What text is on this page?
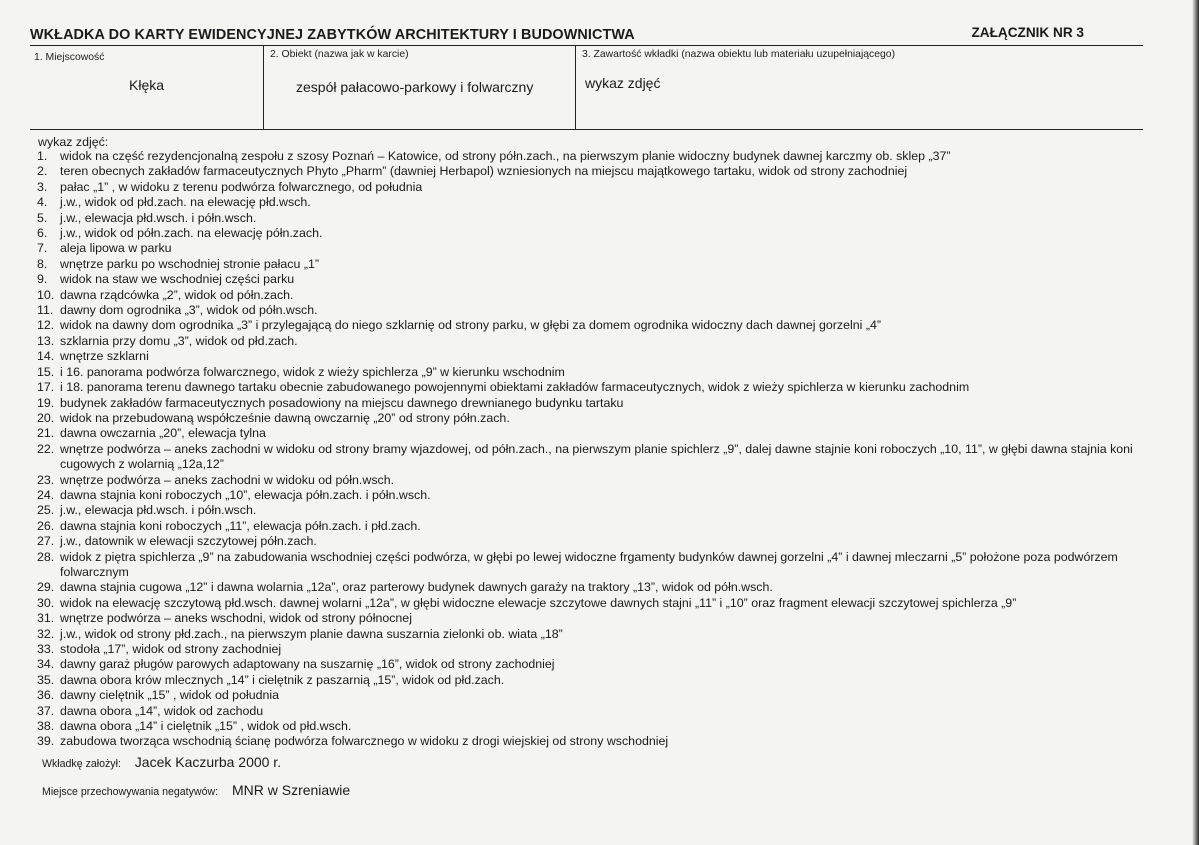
WKŁADKA DO KARTY EWIDENCYJNEJ ZABYTKÓW ARCHITEKTURY I BUDOWNICTWA	ZAŁĄCZNIK NR 3
1. Miejscowość
Kłęka
2. Obiekt (nazwa jak w karcie)
zespół pałacowo-parkowy i folwarczny
3. Zawartość wkładki (nazwa obiektu lub materiału uzupełniającego)
wykaz zdjęć
wykaz zdjęć:
1. widok na część rezydencjonalną zespołu z szosy Poznań – Katowice, od strony półn.zach., na pierwszym planie widoczny budynek dawnej karczmy ob. sklep „37”
2. teren obecnych zakładów farmaceutycznych Phyto „Pharm” (dawniej Herbapol) wzniesionych na miejscu majątkowego tartaku, widok od strony zachodniej
3. pałac „1” , w widoku z terenu podwórza folwarcznego, od południa
4. j.w., widok od płd.zach. na elewację płd.wsch.
5. j.w., elewacja płd.wsch. i półn.wsch.
6. j.w., widok od półn.zach. na elewację półn.zach.
7. aleja lipowa w parku
8. wnętrze parku po wschodniej stronie pałacu „1”
9. widok na staw we wschodniej części parku
10. dawna rządcówka „2”, widok od półn.zach.
11. dawny dom ogrodnika „3”, widok od półn.wsch.
12. widok na dawny dom ogrodnika „3” i przylegającą do niego szklarnię od strony parku, w głębi za domem ogrodnika widoczny dach dawnej gorzelni „4”
13. szklarnia przy domu „3”, widok od płd.zach.
14. wnętrze szklarni
15. i 16. panorama podwórza folwarcznego, widok z wieży spichlerza „9” w kierunku wschodnim
17. i 18. panorama terenu dawnego tartaku obecnie zabudowanego powojennymi obiektami zakładów farmaceutycznych, widok z wieży spichlerza w kierunku zachodnim
19. budynek zakładów farmaceutycznych posadowiony na miejscu dawnego drewnianego budynku tartaku
20. widok na przebudowaną współcześnie dawną owczarnię „20” od strony półn.zach.
21. dawna owczarnia „20”, elewacja tylna
22. wnętrze podwórza – aneks zachodni w widoku od strony bramy wjazdowej, od półn.zach., na pierwszym planie spichlerz „9”, dalej dawne stajnie koni roboczych „10, 11”, w głębi dawna stajnia koni cugowych z wolarnią „12a,12”
23. wnętrze podwórza – aneks zachodni w widoku od półn.wsch.
24. dawna stajnia koni roboczych „10”, elewacja półn.zach. i półn.wsch.
25. j.w., elewacja płd.wsch. i półn.wsch.
26. dawna stajnia koni roboczych „11”, elewacja półn.zach. i płd.zach.
27. j.w., datownik w elewacji szczytowej półn.zach.
28. widok z piętra spichlerza „9” na zabudowania wschodniej części podwórza, w głębi po lewej widoczne frgamenty budynków dawnej gorzelni „4” i dawnej mleczarni „5” położone poza podwórzem folwarcznym
29. dawna stajnia cugowa „12” i dawna wolarnia „12a”, oraz parterowy budynek dawnych garaży na traktory „13”, widok od półn.wsch.
30. widok na elewację szczytową płd.wsch. dawnej wolarni „12a”, w głębi widoczne elewacje szczytowe dawnych stajni „11” i „10” oraz fragment elewacji szczytowej spichlerza „9”
31. wnętrze podwórza – aneks wschodni, widok od strony północnej
32. j.w., widok od strony płd.zach., na pierwszym planie dawna suszarnia zielonki ob. wiata „18”
33. stodoła „17”, widok od strony zachodniej
34. dawny garaż pługów parowych adaptowany na suszarnię „16”, widok od strony zachodniej
35. dawna obora krów mlecznych „14” i cielętnik z paszarnią „15”, widok od płd.zach.
36. dawny cielętnik „15” , widok od południa
37. dawna obora „14”, widok od zachodu
38. dawna obora „14” i cielętnik „15” , widok od płd.wsch.
39. zabudowa tworząca wschodnią ścianę podwórza folwarcznego w widoku z drogi wiejskiej od strony wschodniej
Wkładkę założył: Jacek Kaczurba 2000 r.
Miejsce przechowywania negatywów: MNR w Szreniawie
